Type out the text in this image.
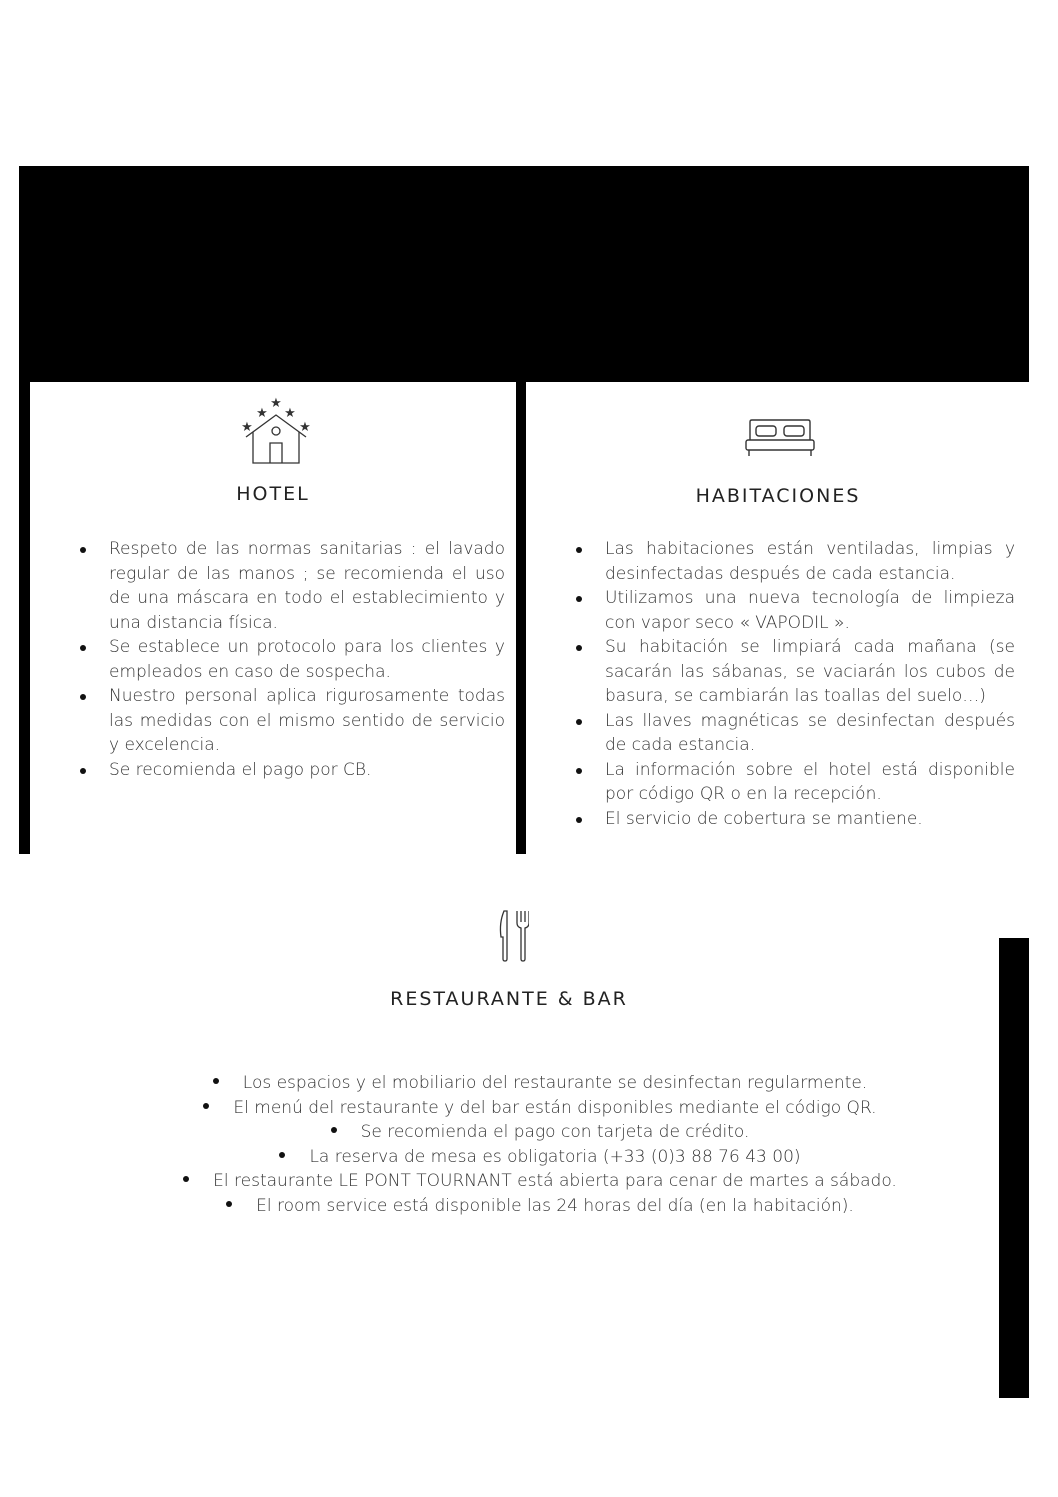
★
★ ★
★	★
HOTEL
Respeto de las normas sanitarias : el lavado regular de las manos ; se recomienda el uso de una máscara en todo el establecimiento y una distancia física.
Se establece un protocolo para los clientes y empleados en caso de sospecha.
Nuestro personal aplica rigurosamente todas las medidas con el mismo sentido de servicio y excelencia.
Se recomienda el pago por CB.
HABITACIONES
Las habitaciones están ventiladas, limpias y desinfectadas después de cada estancia.
Utilizamos una nueva tecnología de limpieza con vapor seco « VAPODIL ».
Su habitación se limpiará cada mañana (se sacarán las sábanas, se vaciarán los cubos de basura, se cambiarán las toallas del suelo…)
Las llaves magnéticas se desinfectan después de cada estancia.
La información sobre el hotel está disponible por código QR o en la recepción.
El servicio de cobertura se mantiene.
RESTAURANTE & BAR
Los espacios y el mobiliario del restaurante se desinfectan regularmente.
El menú del restaurante y del bar están disponibles mediante el código QR.
Se recomienda el pago con tarjeta de crédito.
La reserva de mesa es obligatoria (+33 (0)3 88 76 43 00)
El restaurante LE PONT TOURNANT está abierta para cenar de martes a sábado.
El room service está disponible las 24 horas del día (en la habitación).
